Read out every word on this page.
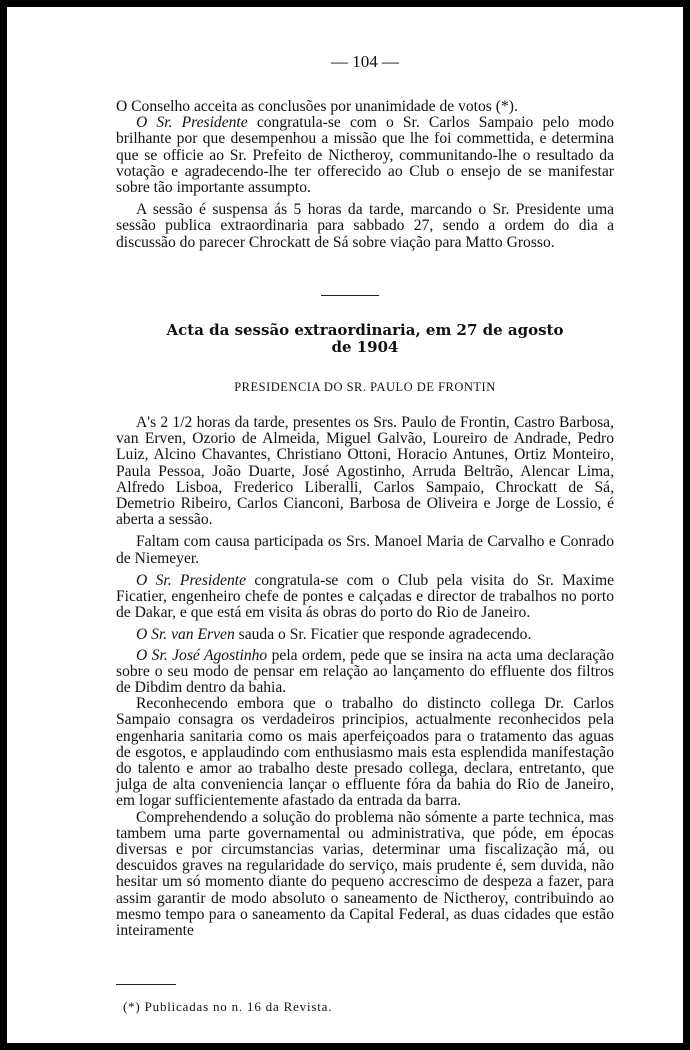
— 104 —

O Conselho acceita as conclusões por unanimidade de votos (*).

O Sr. Presidente congratula-se com o Sr. Carlos Sampaio pelo modo brilhante por que desempenhou a missão que lhe foi commettida, e determina que se officie ao Sr. Prefeito de Nictheroy, communitando-lhe o resultado da votação e agradecendo-lhe ter offerecido ao Club o ensejo de se manifestar sobre tão importante assumpto.

A sessão é suspensa ás 5 horas da tarde, marcando o Sr. Presidente uma sessão publica extraordinaria para sabbado 27, sendo a ordem do dia a discussão do parecer Chrockatt de Sá sobre viação para Matto Grosso.

Acta da sessão extraordinaria, em 27 de agosto

de 1904

PRESIDENCIA DO SR. PAULO DE FRONTIN

A's 2 1/2 horas da tarde, presentes os Srs. Paulo de Frontin, Castro Barbosa, van Erven, Ozorio de Almeida, Miguel Galvão, Loureiro de Andrade, Pedro Luiz, Alcino Chavantes, Christiano Ottoni, Horacio Antunes, Ortiz Monteiro, Paula Pessoa, João Duarte, José Agostinho, Arruda Beltrão, Alencar Lima, Alfredo Lisboa, Frederico Liberalli, Carlos Sampaio, Chrockatt de Sá, Demetrio Ribeiro, Carlos Cianconi, Barbosa de Oliveira e Jorge de Lossio, é aberta a sessão.

Faltam com causa participada os Srs. Manoel Maria de Carvalho e Conrado de Niemeyer.

O Sr. Presidente congratula-se com o Club pela visita do Sr. Maxime Ficatier, engenheiro chefe de pontes e calçadas e director de trabalhos no porto de Dakar, e que está em visita ás obras do porto do Rio de Janeiro.

O Sr. van Erven sauda o Sr. Ficatier que responde agradecendo.

O Sr. José Agostinho pela ordem, pede que se insira na acta uma declaração sobre o seu modo de pensar em relação ao lançamento do effluente dos filtros de Dibdim dentro da bahia.

Reconhecendo embora que o trabalho do distincto collega Dr. Carlos Sampaio consagra os verdadeiros principios, actualmente reconhecidos pela engenharia sanitaria como os mais aperfeiçoados para o tratamento das aguas de esgotos, e applaudindo com enthusiasmo mais esta esplendida manifestação do talento e amor ao trabalho deste presado collega, declara, entretanto, que julga de alta conveniencia lançar o effluente fóra da bahia do Rio de Janeiro, em logar sufficientemente afastado da entrada da barra.

Comprehendendo a solução do problema não sómente a parte technica, mas tambem uma parte governamental ou administrativa, que póde, em épocas diversas e por circumstancias varias, determinar uma fiscalização má, ou descuidos graves na regularidade do serviço, mais prudente é, sem duvida, não hesitar um só momento diante do pequeno accrescimo de despeza a fazer, para assim garantir de modo absoluto o saneamento de Nictheroy, contribuindo ao mesmo tempo para o saneamento da Capital Federal, as duas cidades que estão inteiramente

(*) Publicadas no n. 16 da Revista.
